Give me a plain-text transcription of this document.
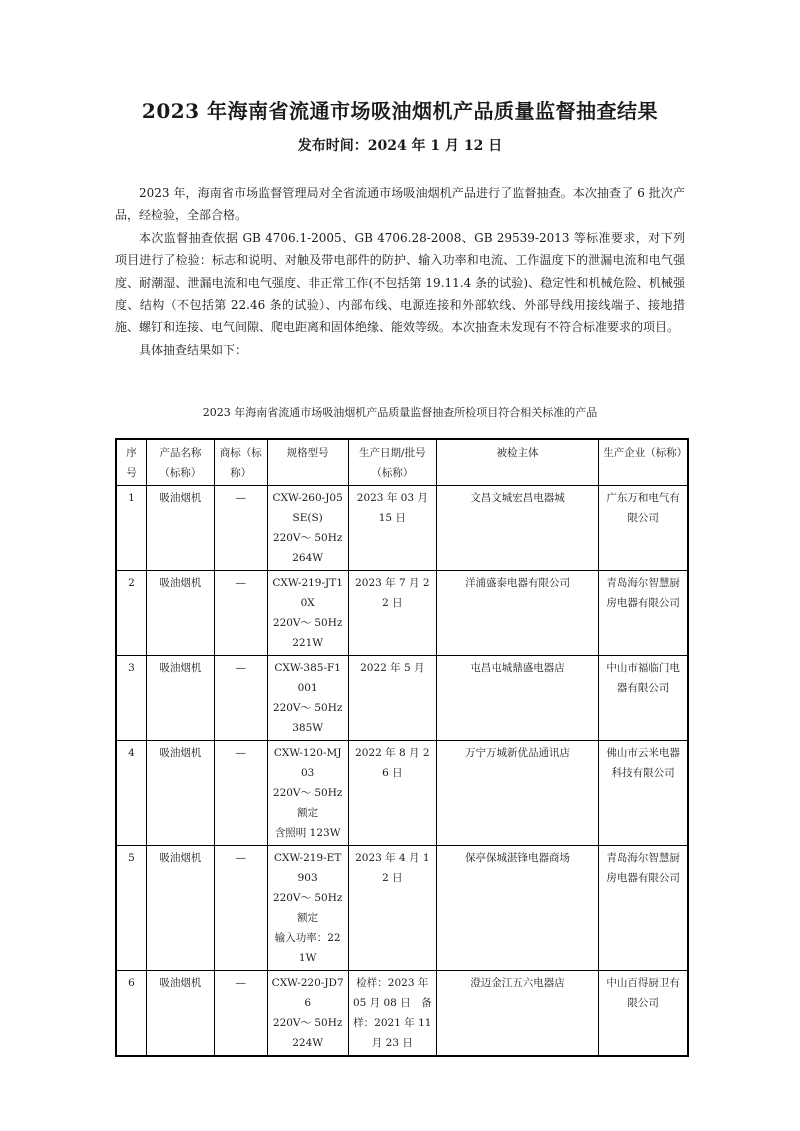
2023 年海南省流通市场吸油烟机产品质量监督抽查结果
发布时间：2024 年 1 月 12 日

2023 年，海南省市场监督管理局对全省流通市场吸油烟机产品进行了监督抽查。本次抽查了 6 批次产品，经检验，全部合格。

本次监督抽查依据 GB 4706.1-2005、GB 4706.28-2008、GB 29539-2013 等标准要求，对下列项目进行了检验：标志和说明、对触及带电部件的防护、输入功率和电流、工作温度下的泄漏电流和电气强度、耐潮湿、泄漏电流和电气强度、非正常工作(不包括第 19.11.4 条的试验)、稳定性和机械危险、机械强度、结构（不包括第 22.46 条的试验）、内部布线、电源连接和外部软线、外部导线用接线端子、接地措施、螺钉和连接、电气间隙、爬电距离和固体绝缘、能效等级。本次抽查未发现有不符合标准要求的项目。

具体抽查结果如下：

2023 年海南省流通市场吸油烟机产品质量监督抽查所检项目符合相关标准的产品
序号	产品名称（标称）	商标（标称）	规格型号	生产日期/批号（标称）	被检主体	生产企业（标称）
1	吸油烟机	—	CXW-260-J05SE(S)
220V～ 50Hz 264W	2023 年 03 月 15 日	文昌文城宏昌电器城	广东万和电气有限公司
2	吸油烟机	—	CXW-219-JT10X
220V～ 50Hz 221W	2023 年 7 月 22 日	洋浦盛泰电器有限公司	青岛海尔智慧厨房电器有限公司
3	吸油烟机	—	CXW-385-F1001
220V～ 50Hz 385W	2022 年 5 月	屯昌屯城鼎盛电器店	中山市福临门电器有限公司
4	吸油烟机	—	CXW-120-MJ03
220V～ 50Hz 额定
含照明 123W	2022 年 8 月 26 日	万宁万城新优品通讯店	佛山市云米电器科技有限公司
5	吸油烟机	—	CXW-219-ET903
220V～ 50Hz 额定
输入功率：221W	2023 年 4 月 12 日	保亭保城湛锋电器商场	青岛海尔智慧厨房电器有限公司
6	吸油烟机	—	CXW-220-JD76
220V～ 50Hz 224W	检样：2023 年 05 月 08 日　备样：2021 年 11 月 23 日	澄迈金江五六电器店	中山百得厨卫有限公司
